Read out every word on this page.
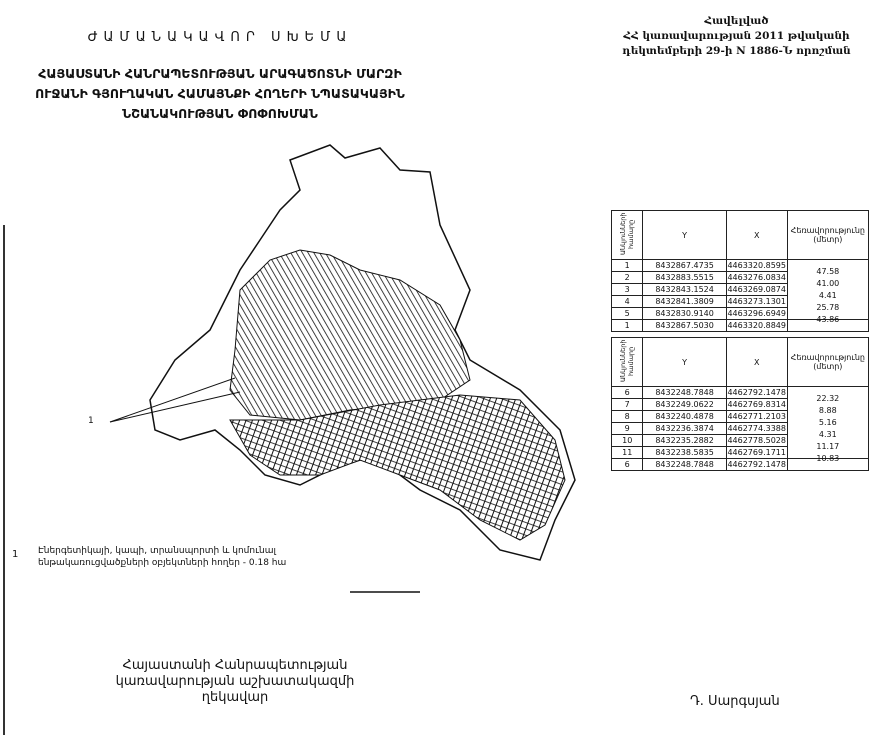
Հավելված
ՀՀ կառավարության 2011 թվականի
դեկտեմբերի 29-ի N 1886-Ն որոշման
ԺԱՄԱՆԱԿԱՎՈՐ ՍԽԵՄԱ
ՀԱՅԱՍՏԱՆԻ ՀԱՆՐԱՊԵՏՈՒԹՅԱՆ ԱՐԱԳԱԾՈՏՆԻ ՄԱՐԶԻ
ՈՒՋԱՆԻ ԳՅՈՒՂԱԿԱՆ ՀԱՄԱՅՆՔԻ ՀՈՂԵՐԻ ՆՊԱՏԱԿԱՅԻՆ
ՆՇԱՆԱԿՈՒԹՅԱՆ ՓՈՓՈԽՄԱՆ
1
Անկյունների համարը	Y	X	Հեռավորությունը (մետր)
1	8432867.4735	4463320.8595	47.58
2	8432883.5515	4463276.0834	41.00
3	8432843.1524	4463269.0874	4.41
4	8432841.3809	4463273.1301	25.78
5	8432830.9140	4463296.6949	43.86
1	8432867.5030	4463320.8849	
Անկյունների համարը	Y	X	Հեռավորությունը (մետր)
6	8432248.7848	4462792.1478	22.32
7	8432249.0622	4462769.8314	8.88
8	8432240.4878	4462771.2103	5.16
9	8432236.3874	4462774.3388	4.31
10	8432235.2882	4462778.5028	11.17
11	8432238.5835	4462769.1711	10.83
6	8432248.7848	4462792.1478	
1 Էներգետիկայի, կապի, տրանսպորտի և կոմունալ
ենթակառուցվածքների օբյեկտների հողեր - 0.18 հա
Հայաստանի Հանրապետության
կառավարության աշխատակազմի
ղեկավար	Դ. Սարգսյան
